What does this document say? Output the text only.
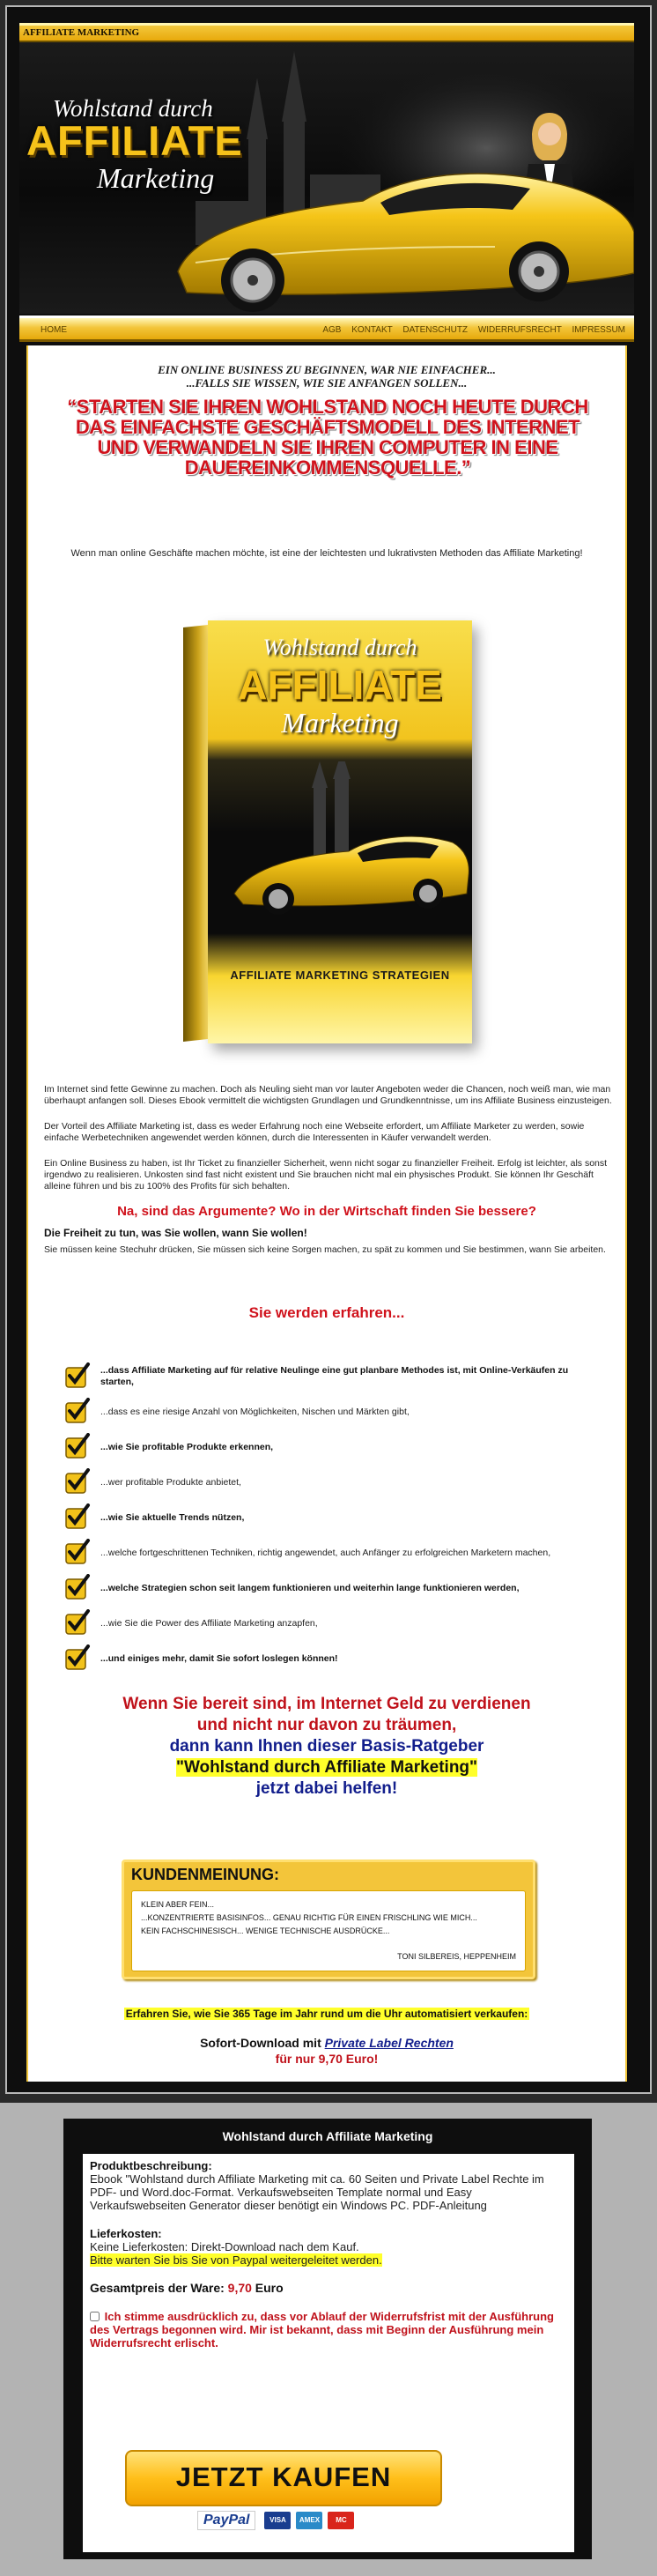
AFFILIATE MARKETING
Wohlstand durch
AFFILIATE
Marketing
HOME	AGB KONTAKT DATENSCHUTZ WIDERRUFSRECHT IMPRESSUM
EIN ONLINE BUSINESS ZU BEGINNEN, WAR NIE EINFACHER...
...FALLS SIE WISSEN, WIE SIE ANFANGEN SOLLEN...
“STARTEN SIE IHREN WOHLSTAND NOCH HEUTE DURCH DAS EINFACHSTE GESCHÄFTSMODELL DES INTERNET UND VERWANDELN SIE IHREN COMPUTER IN EINE DAUEREINKOMMENSQUELLE.”
Wenn man online Geschäfte machen möchte, ist eine der leichtesten und lukrativsten Methoden das Affiliate Marketing!
Wohlstand durch
AFFILIATE
Marketing
AFFILIATE MARKETING STRATEGIEN

Im Internet sind fette Gewinne zu machen. Doch als Neuling sieht man vor lauter Angeboten weder die Chancen, noch weiß man, wie man überhaupt anfangen soll. Dieses Ebook vermittelt die wichtigsten Grundlagen und Grundkenntnisse, um ins Affiliate Business einzusteigen.

Der Vorteil des Affiliate Marketing ist, dass es weder Erfahrung noch eine Webseite erfordert, um Affiliate Marketer zu werden, sowie einfache Werbetechniken angewendet werden können, durch die Interessenten in Käufer verwandelt werden.

Ein Online Business zu haben, ist Ihr Ticket zu finanzieller Sicherheit, wenn nicht sogar zu finanzieller Freiheit. Erfolg ist leichter, als sonst irgendwo zu realisieren. Unkosten sind fast nicht existent und Sie brauchen nicht mal ein physisches Produkt. Sie können Ihr Geschäft alleine führen und bis zu 100% des Profits für sich behalten.

Na, sind das Argumente? Wo in der Wirtschaft finden Sie bessere?
Die Freiheit zu tun, was Sie wollen, wann Sie wollen!

Sie müssen keine Stechuhr drücken, Sie müssen sich keine Sorgen machen, zu spät zu kommen und Sie bestimmen, wann Sie arbeiten.

Sie werden erfahren...
...dass Affiliate Marketing auf für relative Neulinge eine gut planbare Methodes ist, mit Online-Verkäufen zu starten,
...dass es eine riesige Anzahl von Möglichkeiten, Nischen und Märkten gibt,
...wie Sie profitable Produkte erkennen,
...wer profitable Produkte anbietet,
...wie Sie aktuelle Trends nützen,
...welche fortgeschrittenen Techniken, richtig angewendet, auch Anfänger zu erfolgreichen Marketern machen,
...welche Strategien schon seit langem funktionieren und weiterhin lange funktionieren werden,
...wie Sie die Power des Affiliate Marketing anzapfen,
...und einiges mehr, damit Sie sofort loslegen können!
Wenn Sie bereit sind, im Internet Geld zu verdienen
und nicht nur davon zu träumen,
dann kann Ihnen dieser Basis-Ratgeber
"Wohlstand durch Affiliate Marketing"
jetzt dabei helfen!
KUNDENMEINUNG:
KLEIN ABER FEIN...
...KONZENTRIERTE BASISINFOS... GENAU RICHTIG FÜR EINEN FRISCHLING WIE MICH...
KEIN FACHSCHINESISCH... WENIGE TECHNISCHE AUSDRÜCKE...
TONI SILBEREIS, HEPPENHEIM
Erfahren Sie, wie Sie 365 Tage im Jahr rund um die Uhr automatisiert verkaufen:
Sofort-Download mit Private Label Rechten
für nur 9,70 Euro!
Wohlstand durch Affiliate Marketing
Produktbeschreibung:
Ebook "Wohlstand durch Affiliate Marketing mit ca. 60 Seiten und Private Label Rechte im PDF- und Word.doc-Format. Verkaufswebseiten Template normal und Easy Verkaufswebseiten Generator dieser benötigt ein Windows PC. PDF-Anleitung
Lieferkosten:
Keine Lieferkosten: Direkt-Download nach dem Kauf.
Bitte warten Sie bis Sie von Paypal weitergeleitet werden.
Gesamtpreis der Ware: 9,70 Euro
Ich stimme ausdrücklich zu, dass vor Ablauf der Widerrufsfrist mit der Ausführung des Vertrags begonnen wird. Mir ist bekannt, dass mit Beginn der Ausführung mein Widerrufsrecht erlischt.
JETZT KAUFEN
PayPal	VISA	AMEX	MC
